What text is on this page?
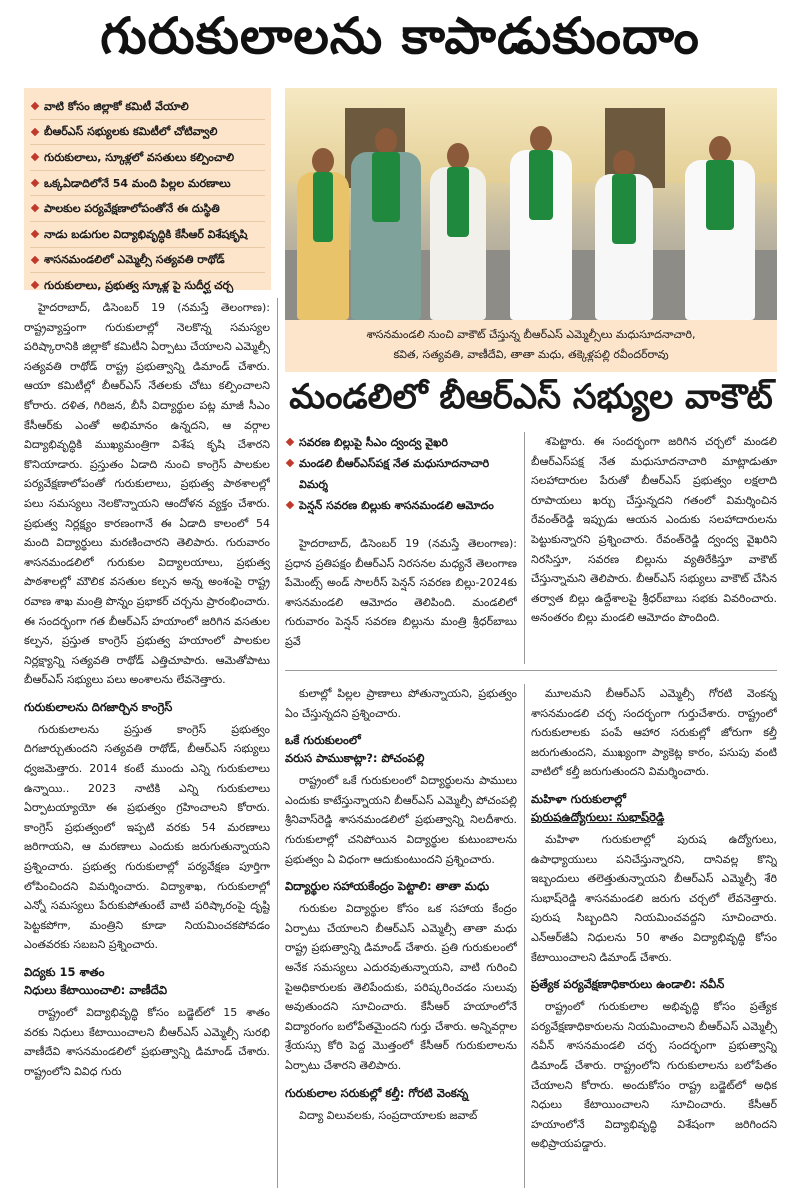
గురుకులాలను కాపాడుకుందాం
వాటి కోసం జిల్లాకో కమిటీ వేయాలి
బీఆర్‌ఎస్‌ సభ్యులకు కమిటీలో చోటివ్వాలి
గురుకులాలు, స్కూళ్లలో వసతులు కల్పించాలి
ఒక్కఏడాదిలోనే 54 మంది పిల్లల మరణాలు
పాలకుల పర్యవేక్షణాలోపంతోనే ఈ దుస్థితి
నాడు బడుగుల విద్యాభివృద్ధికి కేసీఆర్‌ విశేషకృషి
శాసనమండలిలో ఎమ్మెల్సీ సత్యవతి రాథోడ్‌
గురుకులాలు, ప్రభుత్వ స్కూళ్ల పై సుదీర్ఘ చర్చ
శాసనమండలి నుంచి వాకౌట్‌ చేస్తున్న బీఆర్‌ఎస్‌ ఎమ్మెల్సీలు మధుసూదనాచారి,
కవిత, సత్యవతి, వాణీదేవి, తాతా మధు, తక్కెళ్లపల్లి రవీందర్‌రావు
మండలిలో బీఆర్‌ఎస్‌ సభ్యుల వాకౌట్‌
సవరణ బిల్లుపై సీఎం ద్వంద్వ వైఖరి
మండలి బీఆర్‌ఎస్‌పక్ష నేత మధుసూదనాచారి విమర్శ
పెన్షన్‌ సవరణ బిల్లుకు శాసనమండలి ఆమోదం

హైదరాబాద్‌, డిసెంబర్‌ 19 (నమస్తే తెలంగాణ): రాష్ట్రవ్యాప్తంగా గురుకులాల్లో నెలకొన్న సమస్యల పరిష్కారానికి జిల్లాకో కమిటీని ఏర్పాటు చేయాలని ఎమ్మెల్సీ సత్యవతి రాథోడ్‌ రాష్ట్ర ప్రభుత్వాన్ని డిమాండ్‌ చేశారు. ఆయా కమిటీల్లో బీఆర్‌ఎస్‌ నేతలకు చోటు కల్పించాలని కోరారు. దళిత, గిరిజన, బీసీ విద్యార్థుల పట్ల మాజీ సీఎం కేసీఆర్‌కు ఎంతో అభిమానం ఉన్నదని, ఆ వర్గాల విద్యాభివృద్ధికి ముఖ్యమంత్రిగా విశేష కృషి చేశారని కొనియాడారు. ప్రస్తుతం ఏడాది నుంచి కాంగ్రెస్‌ పాలకుల పర్యవేక్షణాలోపంతో గురుకులాలు, ప్రభుత్వ పాఠశాలల్లో పలు సమస్యలు నెలకొన్నాయని ఆందోళన వ్యక్తం చేశారు. ప్రభుత్వ నిర్లక్ష్యం కారణంగానే ఈ ఏడాది కాలంలో 54 మంది విద్యార్థులు మరణించారని తెలిపారు. గురువారం శాసనమండలిలో గురుకుల విద్యాలయాలు, ప్రభుత్వ పాఠశాలల్లో మౌలిక వసతుల కల్పన అన్న అంశంపై రాష్ట్ర రవాణ శాఖ మంత్రి పొన్నం ప్రభాకర్‌ చర్చను ప్రారంభించారు. ఈ సందర్భంగా గత బీఆర్‌ఎస్‌ హయాంలో జరిగిన వసతుల కల్పన, ప్రస్తుత కాంగ్రెస్‌ ప్రభుత్వ హయాంలో పాలకుల నిర్లక్ష్యాన్ని సత్యవతి రాథోడ్‌ ఎత్తిచూపారు. ఆమెతోపాటు బీఆర్‌ఎస్‌ సభ్యులు పలు అంశాలను లేవనెత్తారు.

గురుకులాలను దిగజార్చిన కాంగ్రెస్‌

గురుకులాలను ప్రస్తుత కాంగ్రెస్‌ ప్రభుత్వం దిగజార్చుతుందని సత్యవతి రాథోడ్‌, బీఆర్‌ఎస్‌ సభ్యులు ధ్వజమెత్తారు. 2014 కంటే ముందు ఎన్ని గురుకులాలు ఉన్నాయి.. 2023 నాటికి ఎన్ని గురుకులాలు ఏర్పాటయ్యాయో ఈ ప్రభుత్వం గ్రహించాలని కోరారు. కాంగ్రెస్‌ ప్రభుత్వంలో ఇప్పటి వరకు 54 మరణాలు జరిగాయని, ఆ మరణాలు ఎందుకు జరుగుతున్నాయని ప్రశ్నించారు. ప్రభుత్వ గురుకులాల్లో పర్యవేక్షణ పూర్తిగా లోపించిందని విమర్శించారు. విద్యాశాఖ, గురుకులాల్లో ఎన్నో సమస్యలు పేరుకుపోతుంటే వాటి పరిష్కారంపై దృష్టి పెట్టకపోగా, మంత్రిని కూడా నియమించకపోవడం ఎంతవరకు సబబని ప్రశ్నించారు.

విద్యకు 15 శాతం
నిధులు కేటాయించాలి: వాణీదేవి

రాష్ట్రంలో విద్యాభివృద్ధి కోసం బడ్జెట్‌లో 15 శాతం వరకు నిధులు కేటాయించాలని బీఆర్‌ఎస్‌ ఎమ్మెల్సీ సురభి వాణీదేవి శాసనమండలిలో ప్రభుత్వాన్ని డిమాండ్‌ చేశారు. రాష్ట్రంలోని వివిధ గురు

హైదరాబాద్‌, డిసెంబర్‌ 19 (నమస్తే తెలంగాణ): ప్రధాన ప్రతిపక్షం బీఆర్‌ఎస్‌ నిరసనల మధ్యనే తెలంగాణ పేమెంట్స్‌ అండ్‌ సాలరీస్‌ పెన్షన్‌ సవరణ బిల్లు-2024కు శాసనమండలి ఆమోదం తెలిపింది. మండలిలో గురువారం పెన్షన్‌ సవరణ బిల్లును మంత్రి శ్రీధర్‌బాబు ప్రవే

కులాల్లో పిల్లల ప్రాణాలు పోతున్నాయని, ప్రభుత్వం ఏం చేస్తున్నదని ప్రశ్నించారు.

ఒకే గురుకులంలో
వరుస పాముకాట్లా?: పోచంపల్లి

రాష్ట్రంలో ఒకే గురుకులంలో విద్యార్థులను పాములు ఎందుకు కాటేస్తున్నాయని బీఆర్‌ఎస్‌ ఎమ్మెల్సీ పోచంపల్లి శ్రీనివాస్‌రెడ్డి శాసనమండలిలో ప్రభుత్వాన్ని నిలదీశారు. గురుకులాల్లో చనిపోయిన విద్యార్థుల కుటుంబాలను ప్రభుత్వం ఏ విధంగా ఆదుకుంటుందని ప్రశ్నించారు.

విద్యార్థుల సహాయకేంద్రం పెట్టాలి: తాతా మధు

గురుకుల విద్యార్థుల కోసం ఒక సహాయ కేంద్రం ఏర్పాటు చేయాలని బీఆర్‌ఎస్‌ ఎమ్మెల్సీ తాతా మధు రాష్ట్ర ప్రభుత్వాన్ని డిమాండ్‌ చేశారు. ప్రతి గురుకులంలో అనేక సమస్యలు ఎదురవుతున్నాయని, వాటి గురించి పైఅధికారులకు తెలిపేందుకు, పరిష్కరించడం సులువు అవుతుందని సూచించారు. కేసీఆర్‌ హయాంలోనే విద్యారంగం బలోపేతమైందని గుర్తు చేశారు. అన్నివర్గాల శ్రేయస్సు కోరి పెద్ద మొత్తంలో కేసీఆర్‌ గురుకులాలను ఏర్పాటు చేశారని తెలిపారు.

గురుకులాల సరుకుల్లో కల్తీ: గోరటి వెంకన్న

విద్యా విలువలకు, సంప్రదాయాలకు జవాబ్

శపెట్టారు. ఈ సందర్భంగా జరిగిన చర్చలో మండలి బీఆర్‌ఎస్‌పక్ష నేత మధుసూదనాచారి మాట్లాడుతూ సలహాదారుల పేరుతో బీఆర్‌ఎస్‌ ప్రభుత్వం లక్షలాది రూపాయలు ఖర్చు చేస్తున్నదని గతంలో విమర్శించిన రేవంత్‌రెడ్డి ఇప్పుడు ఆయన ఎందుకు సలహాదారులను పెట్టుకున్నారని ప్రశ్నించారు. రేవంత్‌రెడ్డి ద్వంద్వ వైఖరిని నిరసిస్తూ, సవరణ బిల్లును వ్యతిరేకిస్తూ వాకౌట్‌ చేస్తున్నామని తెలిపారు. బీఆర్‌ఎస్‌ సభ్యులు వాకౌట్‌ చేసిన తర్వాత బిల్లు ఉద్దేశాలపై శ్రీధర్‌బాబు సభకు వివరించారు. అనంతరం బిల్లు మండలి ఆమోదం పొందింది.

మూలమని బీఆర్‌ఎస్‌ ఎమ్మెల్సీ గోరటి వెంకన్న శాసనమండలి చర్చ సందర్భంగా గుర్తుచేశారు. రాష్ట్రంలో గురుకులాలకు పంపే ఆహార సరుకుల్లో జోరుగా కల్తీ జరుగుతుందని, ముఖ్యంగా ప్యాకెట్ల కారం, పసుపు వంటి వాటిలో కల్తీ జరుగుతుందని విమర్శించారు.

మహిళా గురుకులాల్లో
పురుషఉద్యోగులు: సుభాష్‌రెడ్డి

మహిళా గురుకులాల్లో పురుష ఉద్యోగులు, ఉపాధ్యాయులు పనిచేస్తున్నారని, దానివల్ల కొన్ని ఇబ్బందులు తలెత్తుతున్నాయని బీఆర్‌ఎస్‌ ఎమ్మెల్సీ శేరి సుభాష్‌రెడ్డి శాసనమండలి జరుగు చర్చలో లేవనెత్తారు. పురుష సిబ్బందిని నియమించవద్దని సూచించారు. ఎన్‌ఆర్‌జీఏ నిధులను 50 శాతం విద్యాభివృద్ధి కోసం కేటాయించాలని డిమాండ్‌ చేశారు.

ప్రత్యేక పర్యవేక్షణాధికారులు ఉండాలి: నవీన్‌

రాష్ట్రంలో గురుకులాల అభివృద్ధి కోసం ప్రత్యేక పర్యవేక్షణాధికారులను నియమించాలని బీఆర్‌ఎస్‌ ఎమ్మెల్సీ నవీన్‌ శాసనమండలి చర్చ సందర్భంగా ప్రభుత్వాన్ని డిమాండ్‌ చేశారు. రాష్ట్రంలోని గురుకులాలను బలోపేతం చేయాలని కోరారు. అందుకోసం రాష్ట్ర బడ్జెట్‌లో అధిక నిధులు కేటాయించాలని సూచించారు. కేసీఆర్‌ హయాంలోనే విద్యాభివృద్ధి విశేషంగా జరిగిందని అభిప్రాయపడ్డారు.
